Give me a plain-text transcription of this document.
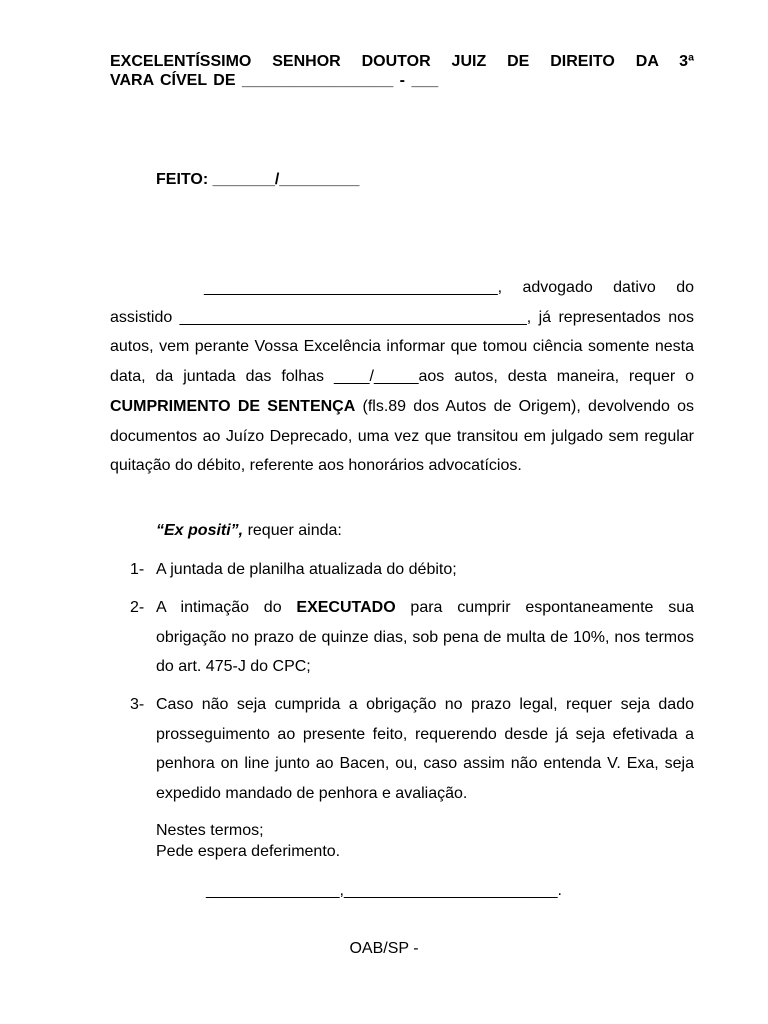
EXCELENTÍSSIMO SENHOR DOUTOR JUIZ DE DIREITO DA 3ª
VARA CÍVEL DE _________________ - ___
FEITO: _______/_________
_________________________________, advogado dativo do assistido _______________________________________, já representados nos autos, vem perante Vossa Excelência informar que tomou ciência somente nesta data, da juntada das folhas ____/_____aos autos, desta maneira, requer o CUMPRIMENTO DE SENTENÇA (fls.89 dos Autos de Origem), devolvendo os documentos ao Juízo Deprecado, uma vez que transitou em julgado sem regular quitação do débito, referente aos honorários advocatícios.
“Ex positi”, requer ainda:
1- A juntada de planilha atualizada do débito;
2- A intimação do EXECUTADO para cumprir espontaneamente sua obrigação no prazo de quinze dias, sob pena de multa de 10%, nos termos do art. 475-J do CPC;
3- Caso não seja cumprida a obrigação no prazo legal, requer seja dado prosseguimento ao presente feito, requerendo desde já seja efetivada a penhora on line junto ao Bacen, ou, caso assim não entenda V. Exa, seja expedido mandado de penhora e avaliação.
Nestes termos;
Pede espera deferimento.
_______________,________________________.
OAB/SP -
